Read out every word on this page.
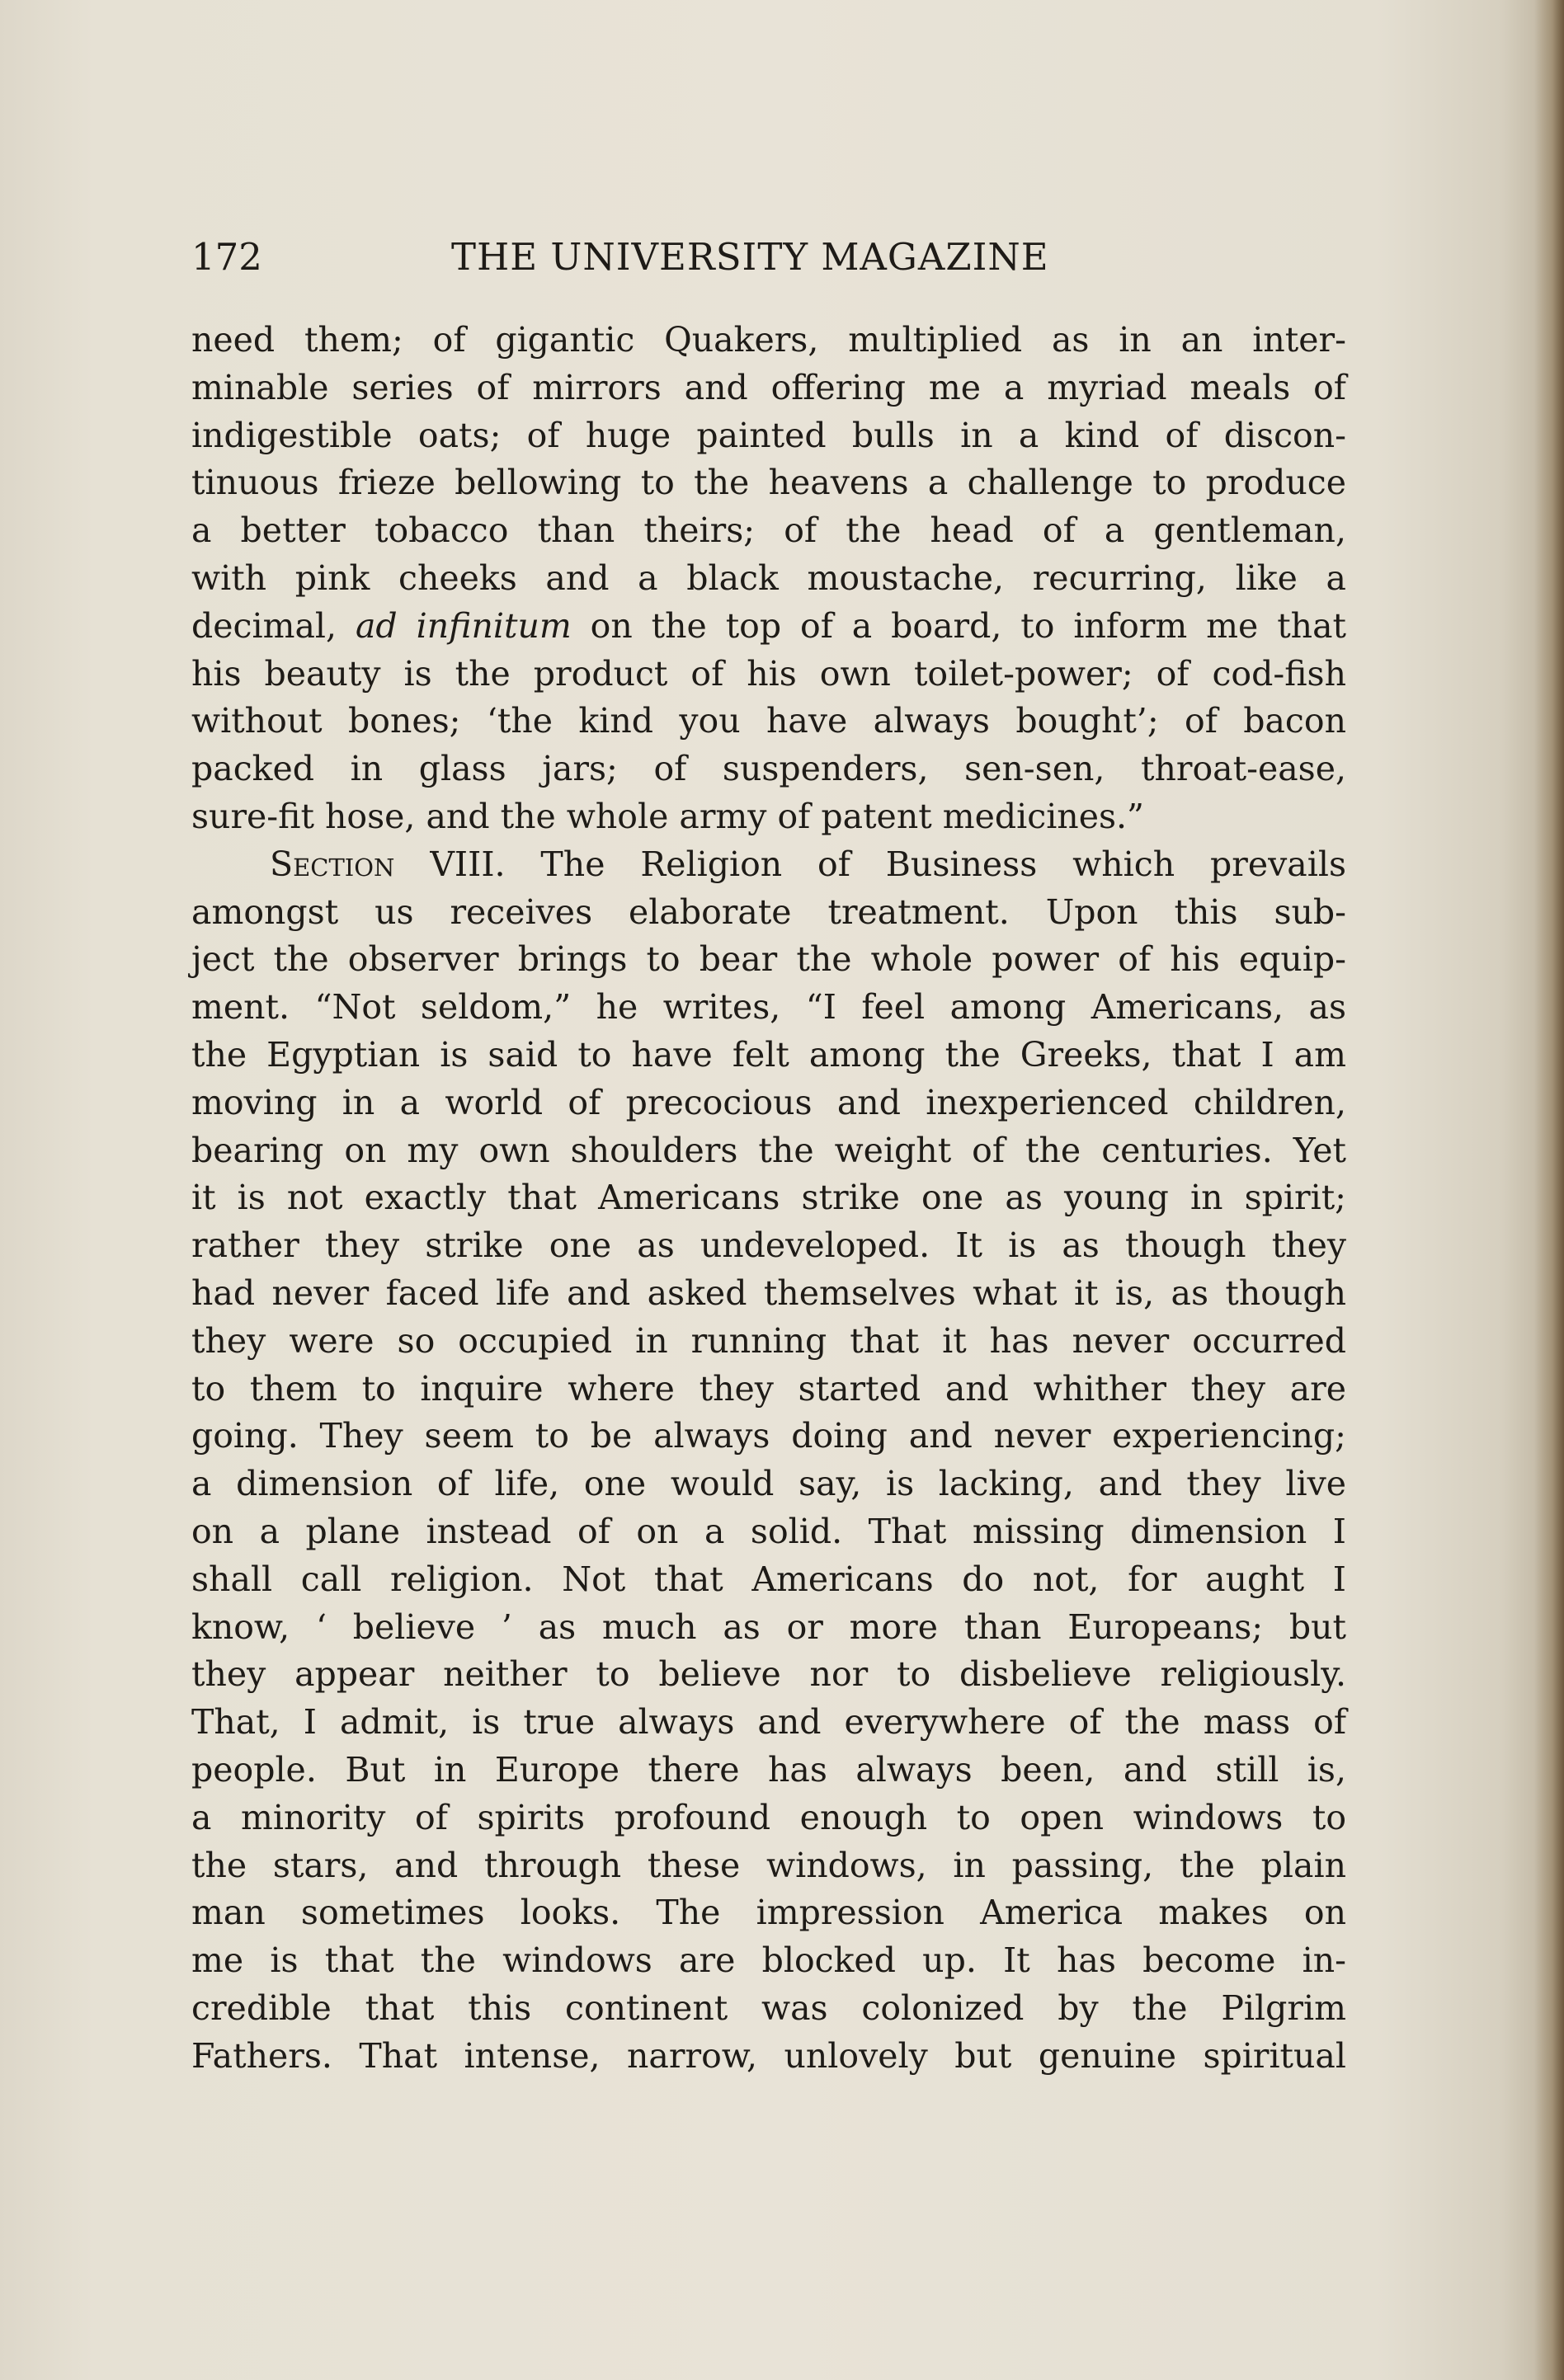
172	THE UNIVERSITY MAGAZINE
need them; of gigantic Quakers, multiplied as in an inter-
minable series of mirrors and offering me a myriad meals of
indigestible oats; of huge painted bulls in a kind of discon-
tinuous frieze bellowing to the heavens a challenge to produce
a better tobacco than theirs; of the head of a gentleman,
with pink cheeks and a black moustache, recurring, like a
decimal, ad infinitum on the top of a board, to inform me that
his beauty is the product of his own toilet-power; of cod-fish
without bones; ‘the kind you have always bought’; of bacon
packed in glass jars; of suspenders, sen-sen, throat-ease,
sure-fit hose, and the whole army of patent medicines.”
Section VIII. The Religion of Business which prevails
amongst us receives elaborate treatment. Upon this sub-
ject the observer brings to bear the whole power of his equip-
ment. “Not seldom,” he writes, “I feel among Americans, as
the Egyptian is said to have felt among the Greeks, that I am
moving in a world of precocious and inexperienced children,
bearing on my own shoulders the weight of the centuries. Yet
it is not exactly that Americans strike one as young in spirit;
rather they strike one as undeveloped. It is as though they
had never faced life and asked themselves what it is, as though
they were so occupied in running that it has never occurred
to them to inquire where they started and whither they are
going. They seem to be always doing and never experiencing;
a dimension of life, one would say, is lacking, and they live
on a plane instead of on a solid. That missing dimension I
shall call religion. Not that Americans do not, for aught I
know, ‘ believe ’ as much as or more than Europeans; but
they appear neither to believe nor to disbelieve religiously.
That, I admit, is true always and everywhere of the mass of
people. But in Europe there has always been, and still is,
a minority of spirits profound enough to open windows to
the stars, and through these windows, in passing, the plain
man sometimes looks. The impression America makes on
me is that the windows are blocked up. It has become in-
credible that this continent was colonized by the Pilgrim
Fathers. That intense, narrow, unlovely but genuine spiritual
